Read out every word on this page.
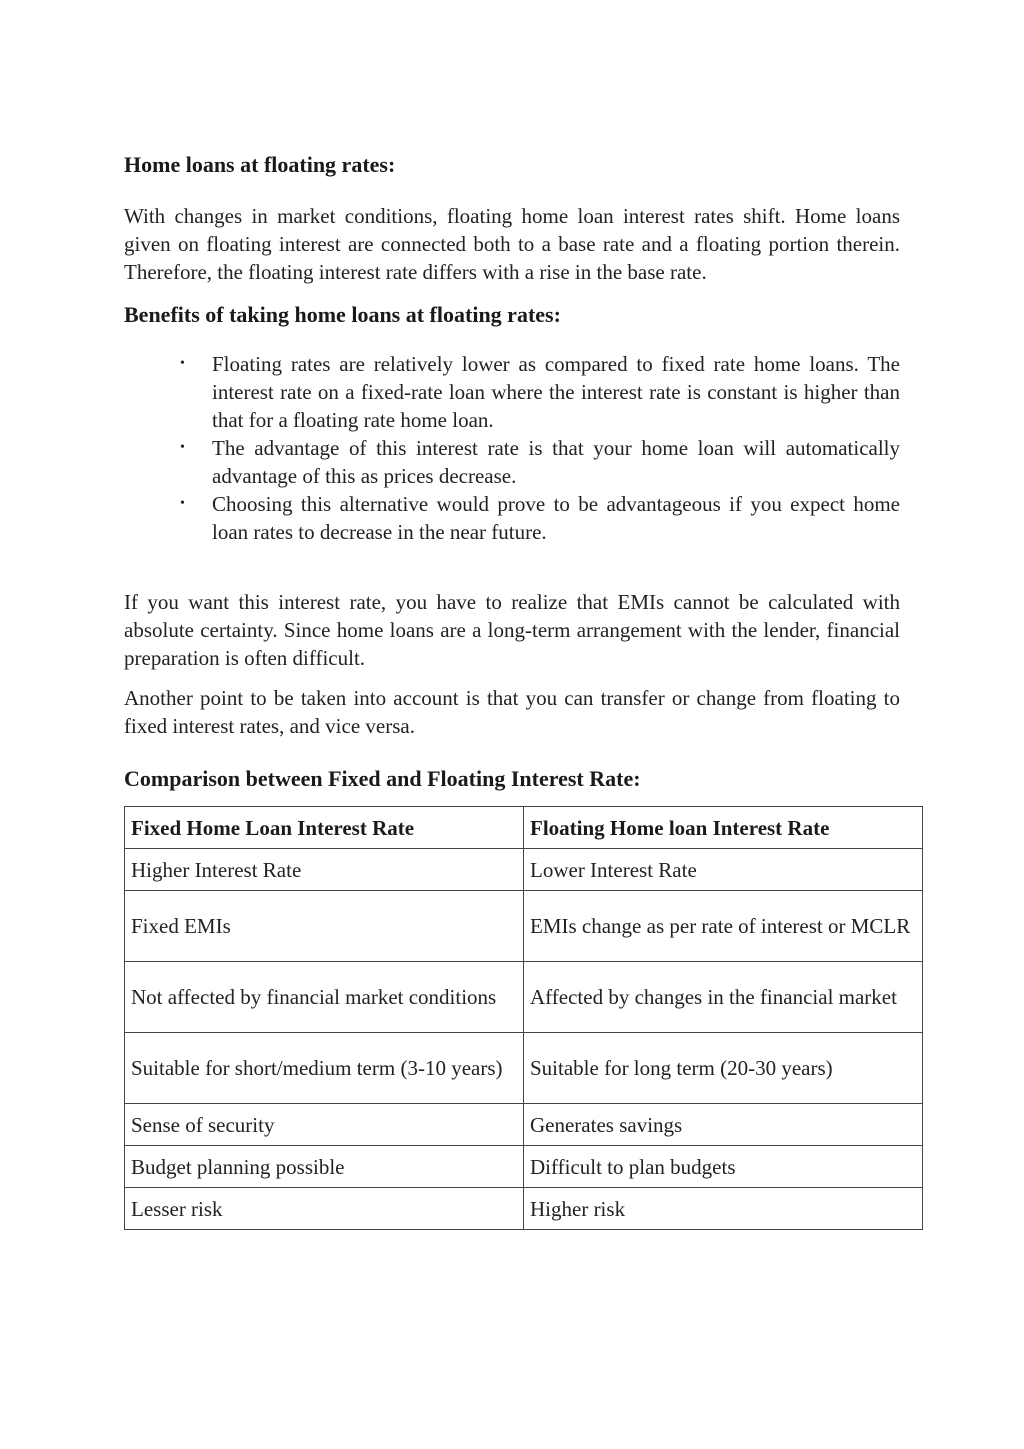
Home loans at floating rates:

With changes in market conditions, floating home loan interest rates shift. Home loans given on floating interest are connected both to a base rate and a floating portion therein. Therefore, the floating interest rate differs with a rise in the base rate.

Benefits of taking home loans at floating rates:
• Floating rates are relatively lower as compared to fixed rate home loans. The interest rate on a fixed-rate loan where the interest rate is constant is higher than that for a floating rate home loan.
• The advantage of this interest rate is that your home loan will automatically advantage of this as prices decrease.
• Choosing this alternative would prove to be advantageous if you expect home loan rates to decrease in the near future.

If you want this interest rate, you have to realize that EMIs cannot be calculated with absolute certainty. Since home loans are a long-term arrangement with the lender, financial preparation is often difficult.

Another point to be taken into account is that you can transfer or change from floating to fixed interest rates, and vice versa.

Comparison between Fixed and Floating Interest Rate:
Fixed Home Loan Interest Rate	Floating Home loan Interest Rate
Higher Interest Rate	Lower Interest Rate
Fixed EMIs	EMIs change as per rate of interest or MCLR
Not affected by financial market conditions	Affected by changes in the financial market
Suitable for short/medium term (3-10 years)	Suitable for long term (20-30 years)
Sense of security	Generates savings
Budget planning possible	Difficult to plan budgets
Lesser risk	Higher risk
